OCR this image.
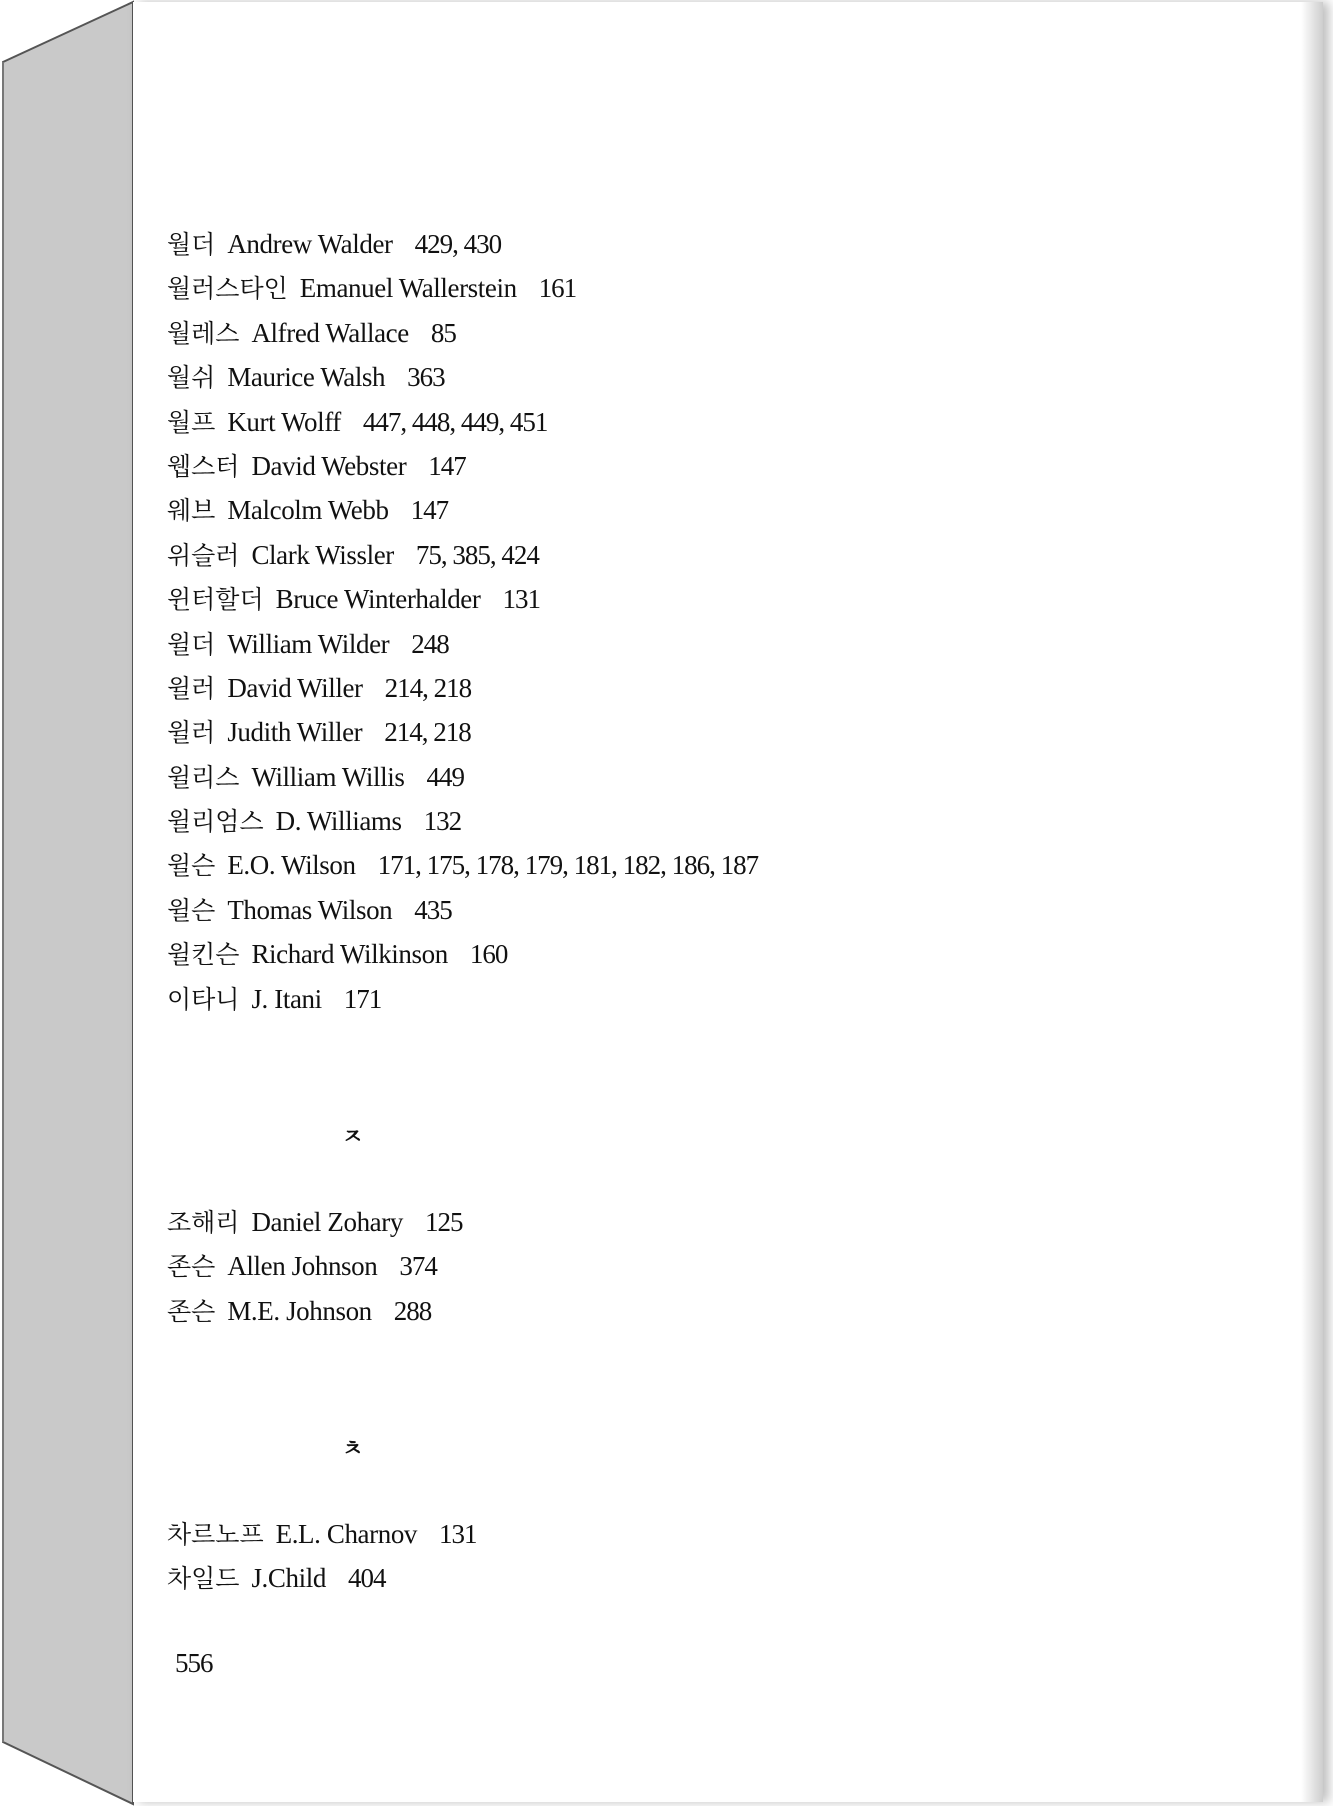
월더 Andrew Walder 429, 430
월러스타인 Emanuel Wallerstein 161
월레스 Alfred Wallace 85
월쉬 Maurice Walsh 363
월프 Kurt Wolff 447, 448, 449, 451
웹스터 David Webster 147
웨브 Malcolm Webb 147
위슬러 Clark Wissler 75, 385, 424
윈터할더 Bruce Winterhalder 131
윌더 William Wilder 248
윌러 David Willer 214, 218
윌러 Judith Willer 214, 218
윌리스 William Willis 449
윌리엄스 D. Williams 132
윌슨 E.O. Wilson 171, 175, 178, 179, 181, 182, 186, 187
윌슨 Thomas Wilson 435
윌킨슨 Richard Wilkinson 160
이타니 J. Itani 171
ㅈ
조해리 Daniel Zohary 125
존슨 Allen Johnson 374
존슨 M.E. Johnson 288
ㅊ
차르노프 E.L. Charnov 131
차일드 J.Child 404
556
